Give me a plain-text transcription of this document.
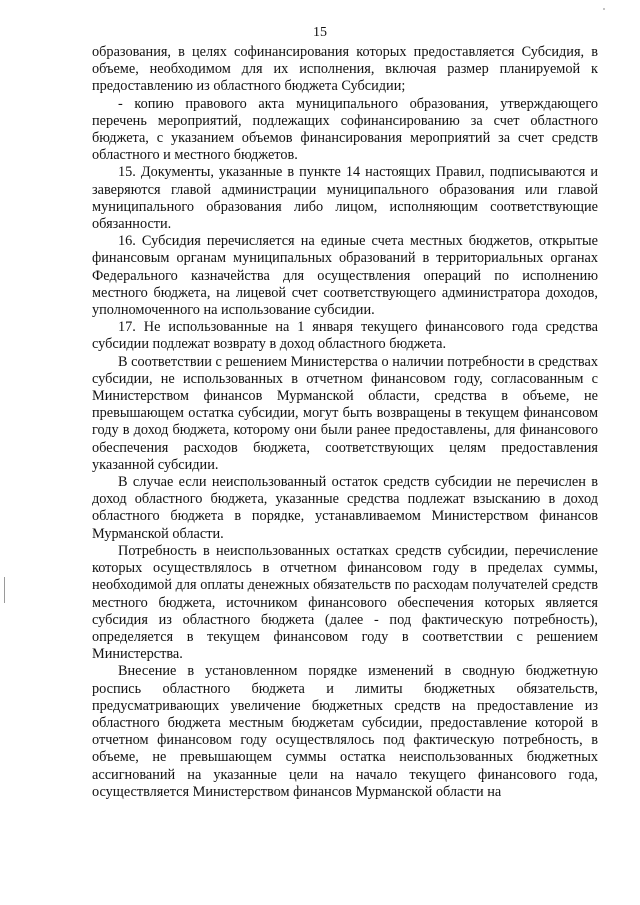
15

образования, в целях софинансирования которых предоставляется Субсидия, в объеме, необходимом для их исполнения, включая размер планируемой к предоставлению из областного бюджета Субсидии;

- копию правового акта муниципального образования, утверждающего перечень мероприятий, подлежащих софинансированию за счет областного бюджета, с указанием объемов финансирования мероприятий за счет средств областного и местного бюджетов.

15. Документы, указанные в пункте 14 настоящих Правил, подписываются и заверяются главой администрации муниципального образования или главой муниципального образования либо лицом, исполняющим соответствующие обязанности.

16. Субсидия перечисляется на единые счета местных бюджетов, открытые финансовым органам муниципальных образований в территориальных органах Федерального казначейства для осуществления операций по исполнению местного бюджета, на лицевой счет соответствующего администратора доходов, уполномоченного на использование субсидии.

17. Не использованные на 1 января текущего финансового года средства субсидии подлежат возврату в доход областного бюджета.

В соответствии с решением Министерства о наличии потребности в средствах субсидии, не использованных в отчетном финансовом году, согласованным с Министерством финансов Мурманской области, средства в объеме, не превышающем остатка субсидии, могут быть возвращены в текущем финансовом году в доход бюджета, которому они были ранее предоставлены, для финансового обеспечения расходов бюджета, соответствующих целям предоставления указанной субсидии.

В случае если неиспользованный остаток средств субсидии не перечислен в доход областного бюджета, указанные средства подлежат взысканию в доход областного бюджета в порядке, устанавливаемом Министерством финансов Мурманской области.

Потребность в неиспользованных остатках средств субсидии, перечисление которых осуществлялось в отчетном финансовом году в пределах суммы, необходимой для оплаты денежных обязательств по расходам получателей средств местного бюджета, источником финансового обеспечения которых является субсидия из областного бюджета (далее - под фактическую потребность), определяется в текущем финансовом году в соответствии с решением Министерства.

Внесение в установленном порядке изменений в сводную бюджетную роспись областного бюджета и лимиты бюджетных обязательств, предусматривающих увеличение бюджетных средств на предоставление из областного бюджета местным бюджетам субсидии, предоставление которой в отчетном финансовом году осуществлялось под фактическую потребность, в объеме, не превышающем суммы остатка неиспользованных бюджетных ассигнований на указанные цели на начало текущего финансового года, осуществляется Министерством финансов Мурманской области на
